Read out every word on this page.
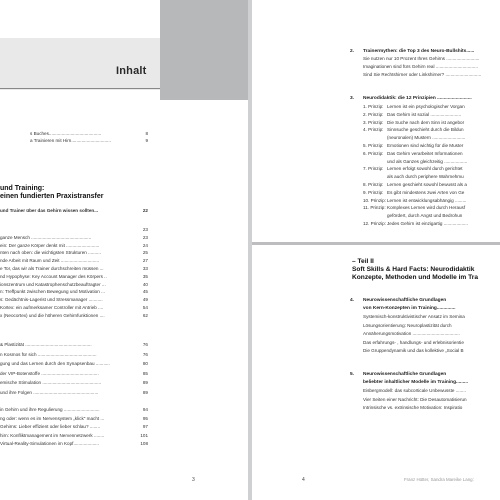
Inhalt
s Buches.........................................	8
a Trainieren mit Hirn...............................	9
und Training:
einen fundierten Praxistransfer
und Trainer über das Gehirn wissen sollten...	22
23
ganze Mensch ...............................................	23
ein: Der ganze Körper denkt mit ..........................	24
nten nach oben: die wichtigsten Strukturen ..........	25
nde Arbeit mit Raum und Zeit ..............................	27
e Tor, das wir als Trainer durchschreiten müssen ...	33
nd Hypophyse: Key Account Manager des Körpers ..	35
ionszentrum und Katastrophenschutzbeauftragter ...	40
n: Treffpunkt zwischen Bewegung und Motivation ...	45
s: Gedächtnis-Lagerist und Stressmanager ...........	49
Kortex: ein aufmerksamer Controller mit Antrieb ....	54
x (Neocortex) und die höheren Gehirnfunktionen ....	62
& Plastizität ....................................................	76
n Kosmos für sich ..............................................	76
gung und das Lernen durch den Synapsenbau ...........	80
der VIP-Botenstoffe .............................................	85
emische Stimulation ..............................................	89
und ihre Folgen ...................................................	89
in Gehirn und ihre Regulierung ............................	94
ng oder: wenn es im Nervensystem „klick" macht ...	95
Gehirns: Lieber effizient oder lieber schlau? ........	97
hirn: Konfliktmanagement im Nervennetzwerk ........	101
Virtual-Reality-Simulationen im Kopf....................	108
3
2. Trainermythen: die Top 3 des Neuro-Bullshits......
Sie nutzen nur 10 Prozent Ihres Gehirns ..........................
Imaginationen sind fürs Gehirn real .................................
Sind Sie Rechtshirner oder Linkshirner? ............................
3. Neurodidaktik: die 12 Prinzipien ..........................
1. Prinzip: Lernen ist ein psychologischer Vorgan
2. Prinzip: Das Gehirn ist sozial ........................
3. Prinzip: Die Suche nach dem Sinn ist angebor
4. Prinzip: Sinnsuche geschieht durch die Bildun
(neuronalen) Mustern ..........................
5. Prinzip: Emotionen sind wichtig für die Muster
6. Prinzip: Das Gehirn verarbeitet Informationen
und als Ganzes gleichzeitig ..................
7. Prinzip: Lernen erfolgt sowohl durch gerichtet
als auch durch periphere Wahrnehmu
8. Prinzip: Lernen geschieht sowohl bewusst als a
9. Prinzip: Es gibt mindestens zwei Arten von Ge
10. Prinzip: Lernen ist entwicklungsabhängig .........
11. Prinzip: Komplexes Lernen wird durch Herausf
gefördert, durch Angst und Bedrohun
12. Prinzip: Jedes Gehirn ist einzigartig ...................
– Teil II
Soft Skills & Hard Facts: Neurodidaktik
Konzepte, Methoden und Modelle im Tra
4. Neurowissenschaftliche Grundlagen
von Kern-Konzepten im Training..............
Systemisch-konstruktivistischer Ansatz im Semina
Lösungsorientierung: Neuroplastizität durch
Annäherungsmotivation .....................................
Das erfahrungs- , handlungs- und erlebnisorientie
Die Gruppendynamik und das kollektive „Social B
5. Neurowissenschaftliche Grundlagen
beliebter inhaltlicher Modelle im Training.........
Eisbergmodell: das subcorticale Unbewusste ........
Vier Seiten einer Nachricht: Die Desautomatisierun
Intrinsische vs. extrinsische Motivation: Inspiratio
4	Franz Hütter, Sandra Mareike Lang:
